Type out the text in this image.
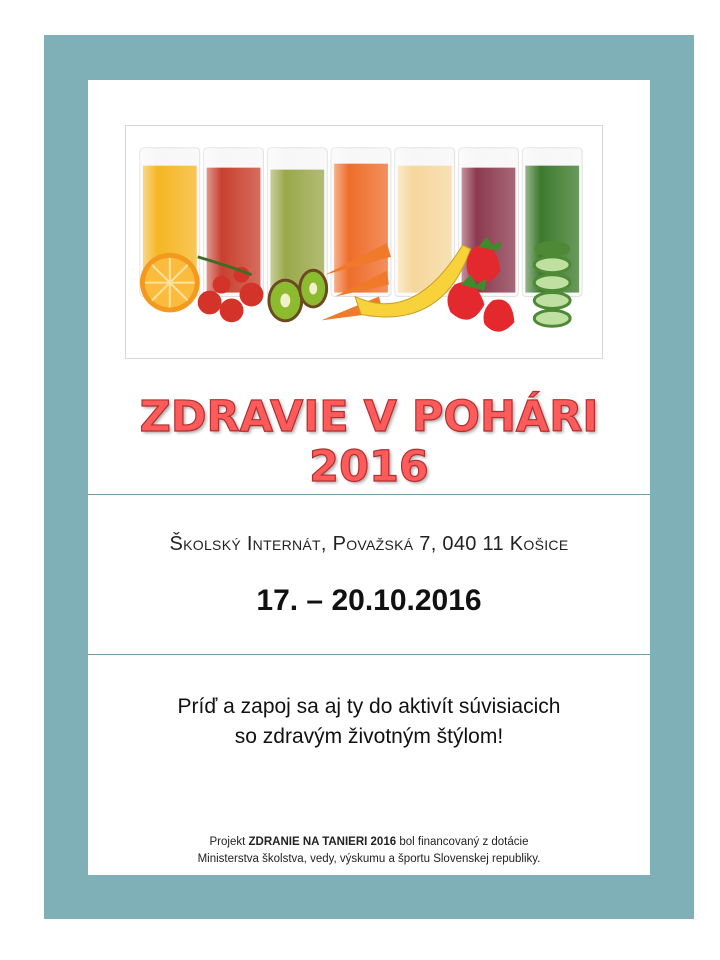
ZDRAVIE V POHÁRI 2016
Školský Internát, Považská 7, 040 11 Košice
17. – 20.10.2016
Príď a zapoj sa aj ty do aktivít súvisiacich
so zdravým životným štýlom!
Projekt ZDRANIE NA TANIERI 2016 bol financovaný z dotácie
Ministerstva školstva, vedy, výskumu a športu Slovenskej republiky.
